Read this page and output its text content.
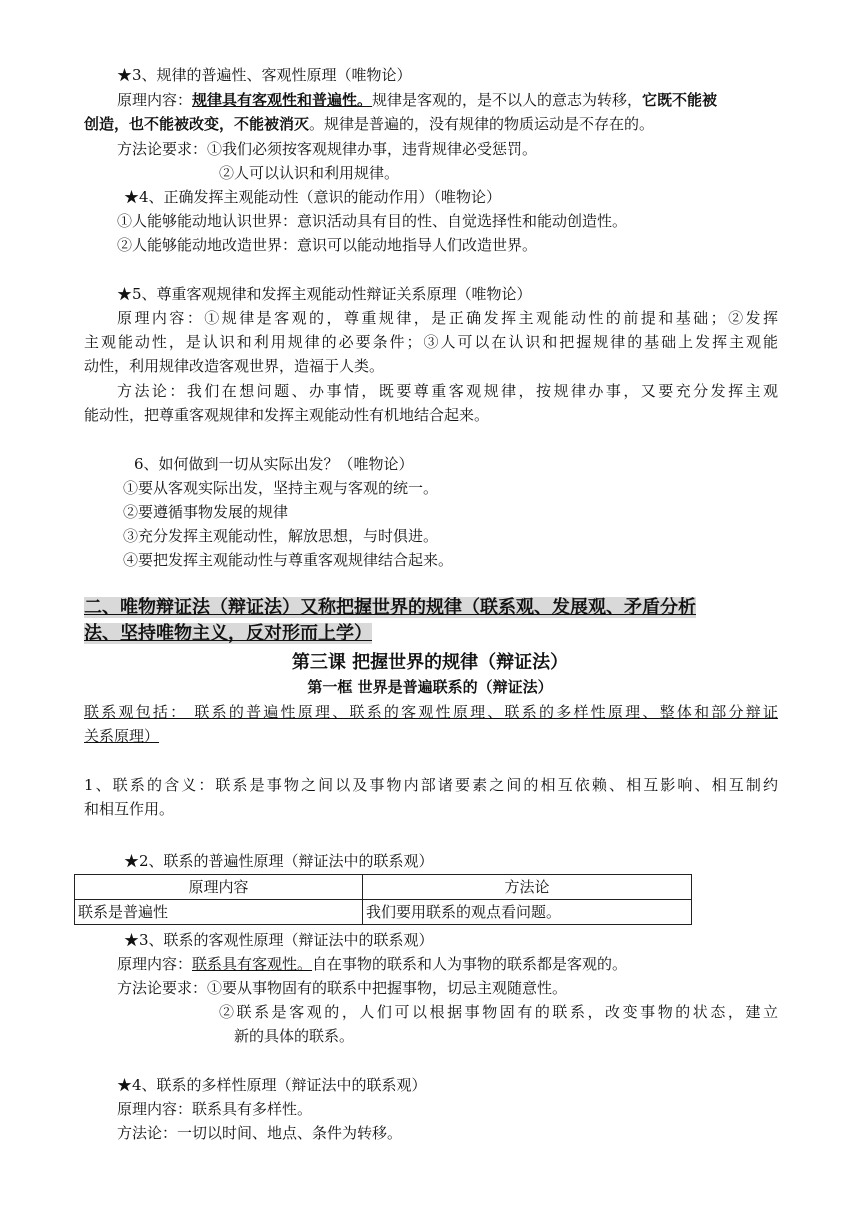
★3、规律的普遍性、客观性原理（唯物论）

原理内容：规律具有客观性和普遍性。规律是客观的，是不以人的意志为转移，它既不能被

创造，也不能被改变，不能被消灭。规律是普遍的，没有规律的物质运动是不存在的。

方法论要求：①我们必须按客观规律办事，违背规律必受惩罚。

②人可以认识和利用规律。

★4、正确发挥主观能动性（意识的能动作用）（唯物论）

①人能够能动地认识世界：意识活动具有目的性、自觉选择性和能动创造性。

②人能够能动地改造世界：意识可以能动地指导人们改造世界。

★5、尊重客观规律和发挥主观能动性辩证关系原理（唯物论）

原理内容：①规律是客观的，尊重规律，是正确发挥主观能动性的前提和基础；②发挥

主观能动性，是认识和利用规律的必要条件；③人可以在认识和把握规律的基础上发挥主观能

动性，利用规律改造客观世界，造福于人类。

方法论：我们在想问题、办事情，既要尊重客观规律，按规律办事，又要充分发挥主观

能动性，把尊重客观规律和发挥主观能动性有机地结合起来。

6、如何做到一切从实际出发？（唯物论）

①要从客观实际出发，坚持主观与客观的统一。

②要遵循事物发展的规律

③充分发挥主观能动性，解放思想，与时俱进。

④要把发挥主观能动性与尊重客观规律结合起来。

二、唯物辩证法（辩证法）又称把握世界的规律（联系观、发展观、矛盾分析

法、坚持唯物主义，反对形而上学）

第三课 把握世界的规律（辩证法）

第一框 世界是普遍联系的（辩证法）

联系观包括： 联系的普遍性原理、联系的客观性原理、联系的多样性原理、整体和部分辩证

关系原理）

1、联系的含义：联系是事物之间以及事物内部诸要素之间的相互依赖、相互影响、相互制约

和相互作用。

★2、联系的普遍性原理（辩证法中的联系观）

原理内容	方法论
联系是普遍性	我们要用联系的观点看问题。

★3、联系的客观性原理（辩证法中的联系观）

原理内容：联系具有客观性。自在事物的联系和人为事物的联系都是客观的。

方法论要求：①要从事物固有的联系中把握事物，切忌主观随意性。

②联系是客观的，人们可以根据事物固有的联系，改变事物的状态，建立

新的具体的联系。

★4、联系的多样性原理（辩证法中的联系观）

原理内容：联系具有多样性。

方法论：一切以时间、地点、条件为转移。
